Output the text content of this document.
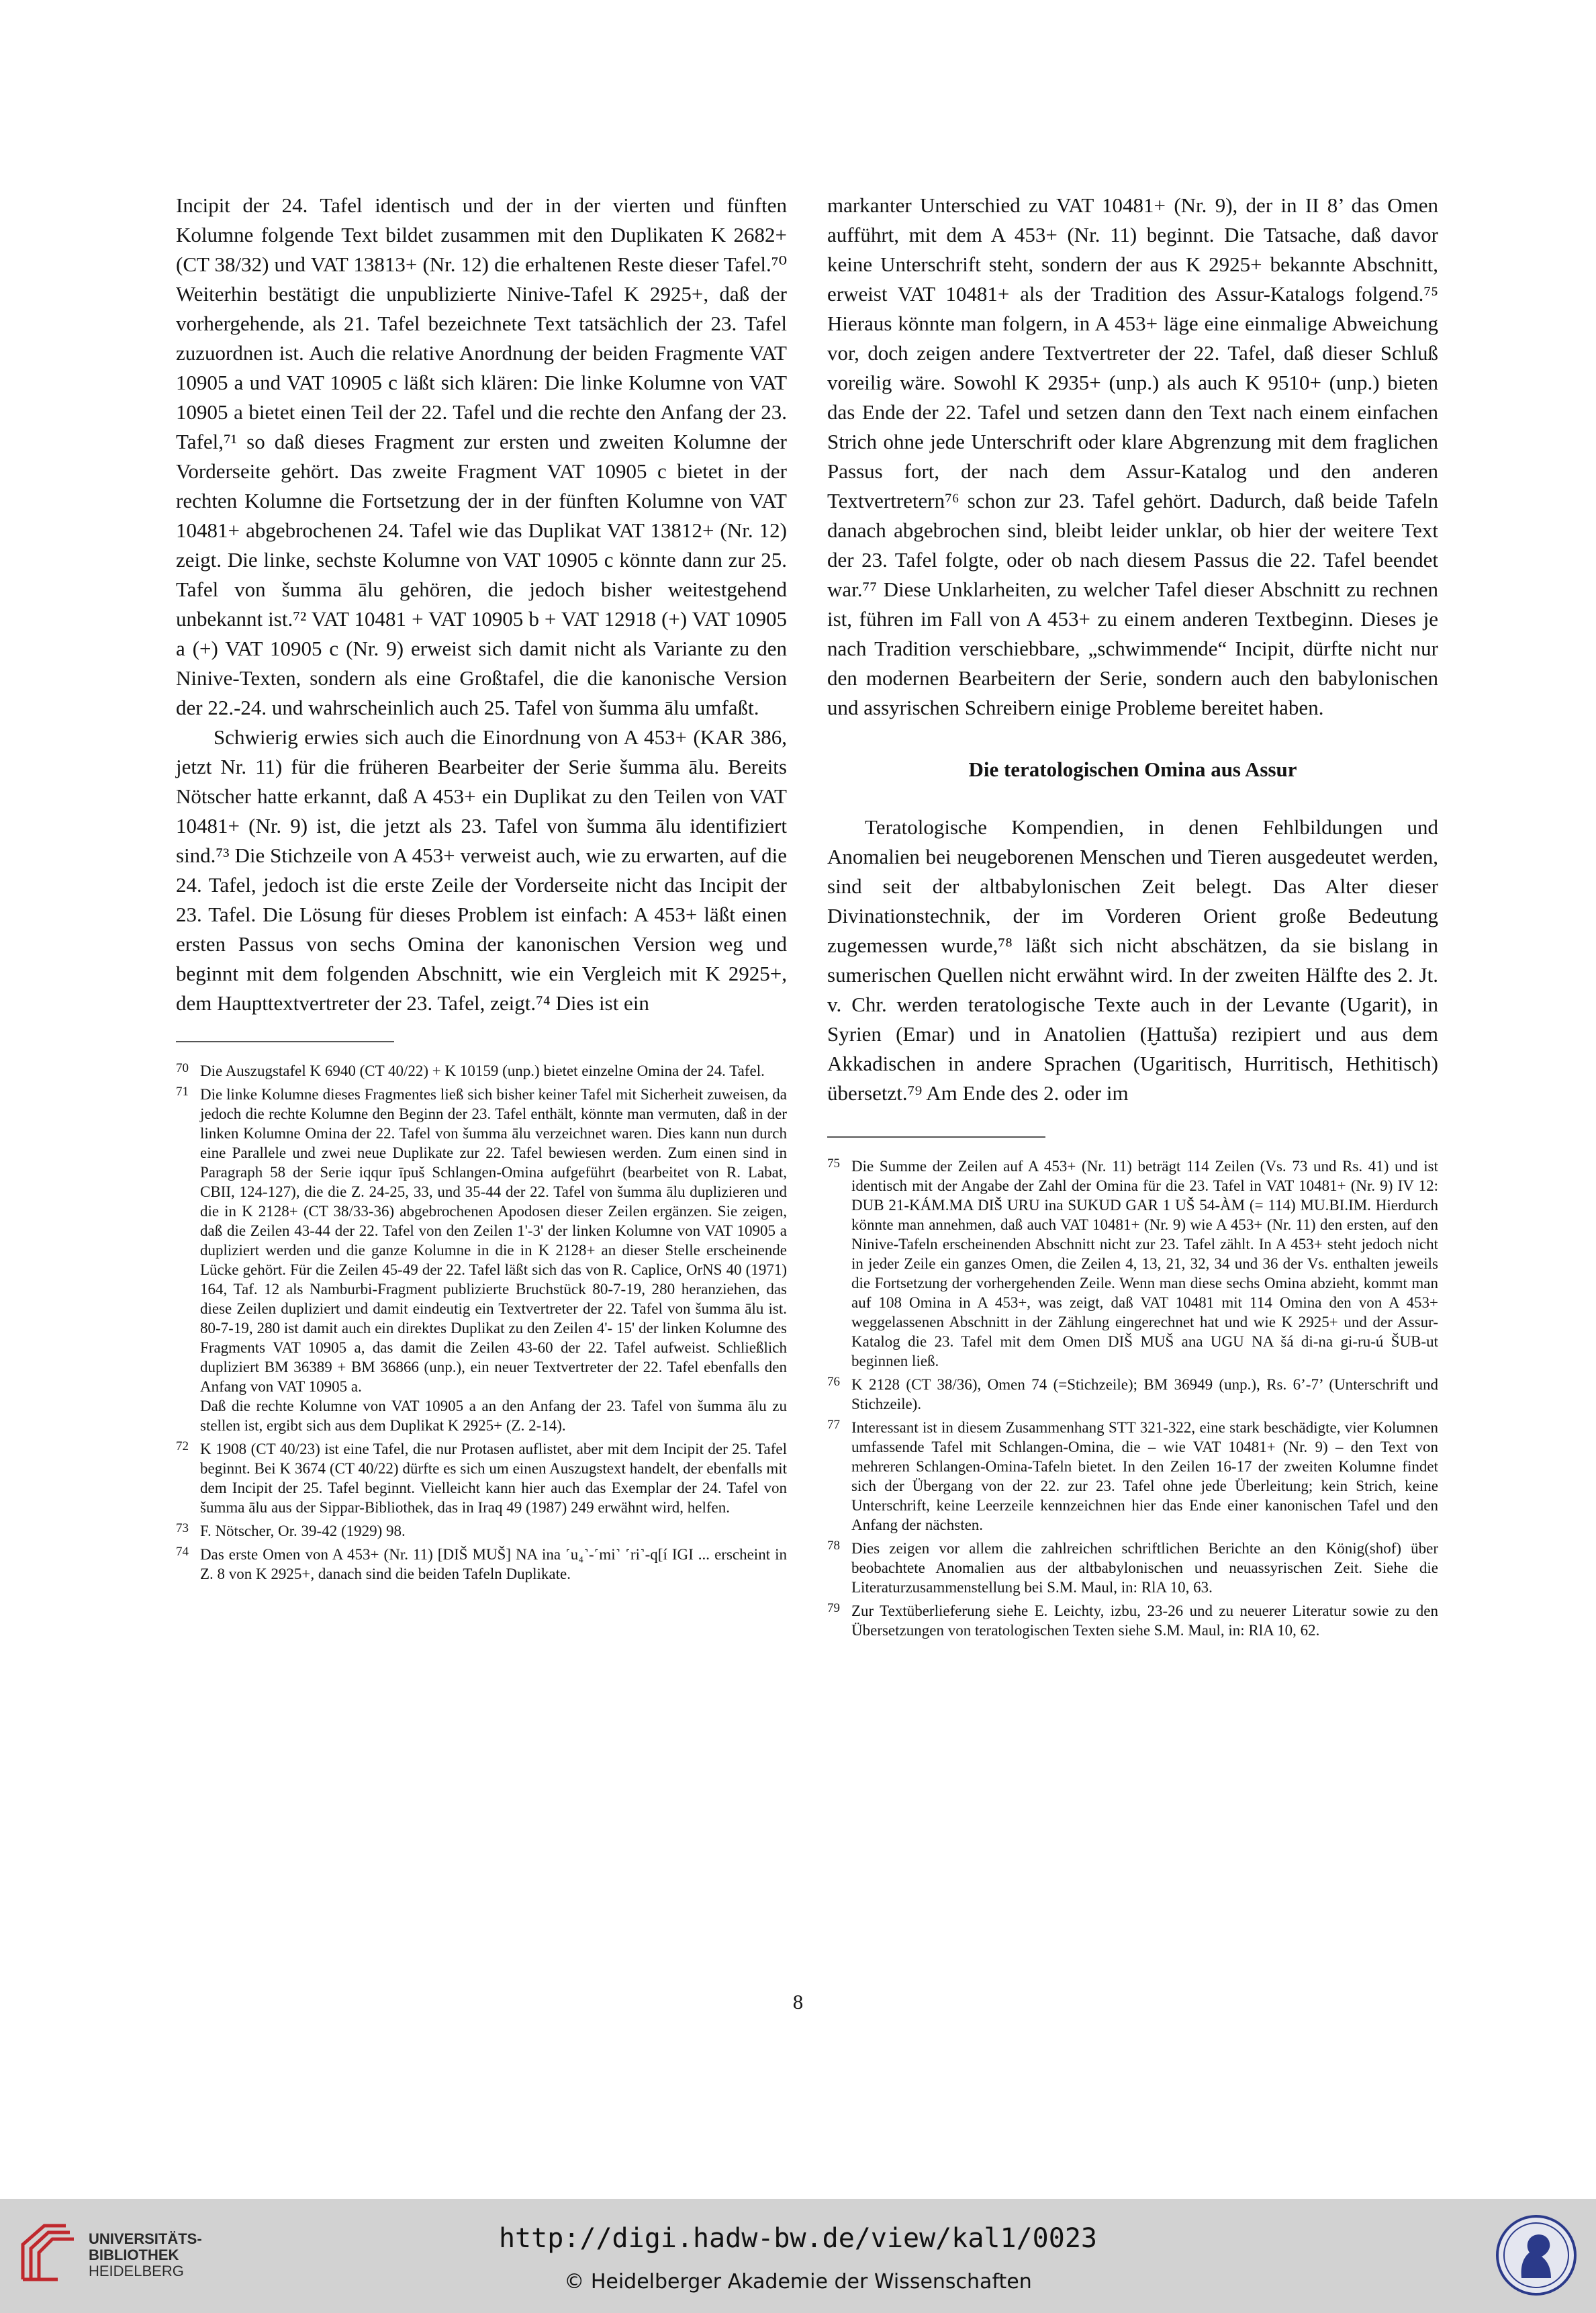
Incipit der 24. Tafel identisch und der in der vierten und fünften Kolumne folgende Text bildet zusammen mit den Duplikaten K 2682+ (CT 38/32) und VAT 13813+ (Nr. 12) die erhaltenen Reste dieser Tafel.⁷⁰ Weiterhin bestätigt die unpublizierte Ninive-Tafel K 2925+, daß der vorhergehende, als 21. Tafel bezeichnete Text tatsächlich der 23. Tafel zuzuordnen ist. Auch die relative Anordnung der beiden Fragmente VAT 10905 a und VAT 10905 c läßt sich klären: Die linke Kolumne von VAT 10905 a bietet einen Teil der 22. Tafel und die rechte den Anfang der 23. Tafel,⁷¹ so daß dieses Fragment zur ersten und zweiten Kolumne der Vorderseite gehört. Das zweite Fragment VAT 10905 c bietet in der rechten Kolumne die Fortsetzung der in der fünften Kolumne von VAT 10481+ abgebrochenen 24. Tafel wie das Duplikat VAT 13812+ (Nr. 12) zeigt. Die linke, sechste Kolumne von VAT 10905 c könnte dann zur 25. Tafel von šumma ālu gehören, die jedoch bisher weitestgehend unbekannt ist.⁷² VAT 10481 + VAT 10905 b + VAT 12918 (+) VAT 10905 a (+) VAT 10905 c (Nr. 9) erweist sich damit nicht als Variante zu den Ninive-Texten, sondern als eine Großtafel, die die kanonische Version der 22.-24. und wahrscheinlich auch 25. Tafel von šumma ālu umfaßt.

Schwierig erwies sich auch die Einordnung von A 453+ (KAR 386, jetzt Nr. 11) für die früheren Bearbeiter der Serie šumma ālu. Bereits Nötscher hatte erkannt, daß A 453+ ein Duplikat zu den Teilen von VAT 10481+ (Nr. 9) ist, die jetzt als 23. Tafel von šumma ālu identifiziert sind.⁷³ Die Stichzeile von A 453+ verweist auch, wie zu erwarten, auf die 24. Tafel, jedoch ist die erste Zeile der Vorderseite nicht das Incipit der 23. Tafel. Die Lösung für dieses Problem ist einfach: A 453+ läßt einen ersten Passus von sechs Omina der kanonischen Version weg und beginnt mit dem folgenden Abschnitt, wie ein Vergleich mit K 2925+, dem Haupttextvertreter der 23. Tafel, zeigt.⁷⁴ Dies ist ein

70 Die Auszugstafel K 6940 (CT 40/22) + K 10159 (unp.) bietet einzelne Omina der 24. Tafel.
71 Die linke Kolumne dieses Fragmentes ließ sich bisher keiner Tafel mit Sicherheit zuweisen, da jedoch die rechte Kolumne den Beginn der 23. Tafel enthält, könnte man vermuten, daß in der linken Kolumne Omina der 22. Tafel von šumma ālu verzeichnet waren. Dies kann nun durch eine Parallele und zwei neue Duplikate zur 22. Tafel bewiesen werden. Zum einen sind in Paragraph 58 der Serie iqqur īpuš Schlangen-Omina aufgeführt (bearbeitet von R. Labat, CBII, 124-127), die die Z. 24-25, 33, und 35-44 der 22. Tafel von šumma ālu duplizieren und die in K 2128+ (CT 38/33-36) abgebrochenen Apodosen dieser Zeilen ergänzen. Sie zeigen, daß die Zeilen 43-44 der 22. Tafel von den Zeilen 1'-3' der linken Kolumne von VAT 10905 a dupliziert werden und die ganze Kolumne in die in K 2128+ an dieser Stelle erscheinende Lücke gehört. Für die Zeilen 45-49 der 22. Tafel läßt sich das von R. Caplice, OrNS 40 (1971) 164, Taf. 12 als Namburbi-Fragment publizierte Bruchstück 80-7-19, 280 heranziehen, das diese Zeilen dupliziert und damit eindeutig ein Textvertreter der 22. Tafel von šumma ālu ist. 80-7-19, 280 ist damit auch ein direktes Duplikat zu den Zeilen 4'- 15' der linken Kolumne des Fragments VAT 10905 a, das damit die Zeilen 43-60 der 22. Tafel aufweist. Schließlich dupliziert BM 36389 + BM 36866 (unp.), ein neuer Textvertreter der 22. Tafel ebenfalls den Anfang von VAT 10905 a.

Daß die rechte Kolumne von VAT 10905 a an den Anfang der 23. Tafel von šumma ālu zu stellen ist, ergibt sich aus dem Duplikat K 2925+ (Z. 2-14).

72 K 1908 (CT 40/23) ist eine Tafel, die nur Protasen auflistet, aber mit dem Incipit der 25. Tafel beginnt. Bei K 3674 (CT 40/22) dürfte es sich um einen Auszugstext handelt, der ebenfalls mit dem Incipit der 25. Tafel beginnt. Vielleicht kann hier auch das Exemplar der 24. Tafel von šumma ālu aus der Sippar-Bibliothek, das in Iraq 49 (1987) 249 erwähnt wird, helfen.
73 F. Nötscher, Or. 39-42 (1929) 98.
74 Das erste Omen von A 453+ (Nr. 11) [DIŠ MUŠ] NA ina ˹u₄˺-˹mi˺ ˹ri˺-q[í IGI ... erscheint in Z. 8 von K 2925+, danach sind die beiden Tafeln Duplikate.

markanter Unterschied zu VAT 10481+ (Nr. 9), der in II 8’ das Omen aufführt, mit dem A 453+ (Nr. 11) beginnt. Die Tatsache, daß davor keine Unterschrift steht, sondern der aus K 2925+ bekannte Abschnitt, erweist VAT 10481+ als der Tradition des Assur-Katalogs folgend.⁷⁵ Hieraus könnte man folgern, in A 453+ läge eine einmalige Abweichung vor, doch zeigen andere Textvertreter der 22. Tafel, daß dieser Schluß voreilig wäre. Sowohl K 2935+ (unp.) als auch K 9510+ (unp.) bieten das Ende der 22. Tafel und setzen dann den Text nach einem einfachen Strich ohne jede Unterschrift oder klare Abgrenzung mit dem fraglichen Passus fort, der nach dem Assur-Katalog und den anderen Textvertretern⁷⁶ schon zur 23. Tafel gehört. Dadurch, daß beide Tafeln danach abgebrochen sind, bleibt leider unklar, ob hier der weitere Text der 23. Tafel folgte, oder ob nach diesem Passus die 22. Tafel beendet war.⁷⁷ Diese Unklarheiten, zu welcher Tafel dieser Abschnitt zu rechnen ist, führen im Fall von A 453+ zu einem anderen Textbeginn. Dieses je nach Tradition verschiebbare, „schwimmende“ Incipit, dürfte nicht nur den modernen Bearbeitern der Serie, sondern auch den babylonischen und assyrischen Schreibern einige Probleme bereitet haben.

Die teratologischen Omina aus Assur

Teratologische Kompendien, in denen Fehlbildungen und Anomalien bei neugeborenen Menschen und Tieren ausgedeutet werden, sind seit der altbabylonischen Zeit belegt. Das Alter dieser Divinationstechnik, der im Vorderen Orient große Bedeutung zugemessen wurde,⁷⁸ läßt sich nicht abschätzen, da sie bislang in sumerischen Quellen nicht erwähnt wird. In der zweiten Hälfte des 2. Jt. v. Chr. werden teratologische Texte auch in der Levante (Ugarit), in Syrien (Emar) und in Anatolien (Ḫattuša) rezipiert und aus dem Akkadischen in andere Sprachen (Ugaritisch, Hurritisch, Hethitisch) übersetzt.⁷⁹ Am Ende des 2. oder im

75 Die Summe der Zeilen auf A 453+ (Nr. 11) beträgt 114 Zeilen (Vs. 73 und Rs. 41) und ist identisch mit der Angabe der Zahl der Omina für die 23. Tafel in VAT 10481+ (Nr. 9) IV 12: DUB 21-KÁM.MA DIŠ URU ina SUKUD GAR 1 UŠ 54-ÀM (= 114) MU.BI.IM. Hierdurch könnte man annehmen, daß auch VAT 10481+ (Nr. 9) wie A 453+ (Nr. 11) den ersten, auf den Ninive-Tafeln erscheinenden Abschnitt nicht zur 23. Tafel zählt. In A 453+ steht jedoch nicht in jeder Zeile ein ganzes Omen, die Zeilen 4, 13, 21, 32, 34 und 36 der Vs. enthalten jeweils die Fortsetzung der vorhergehenden Zeile. Wenn man diese sechs Omina abzieht, kommt man auf 108 Omina in A 453+, was zeigt, daß VAT 10481 mit 114 Omina den von A 453+ weggelassenen Abschnitt in der Zählung eingerechnet hat und wie K 2925+ und der Assur-Katalog die 23. Tafel mit dem Omen DIŠ MUŠ ana UGU NA šá di-na gi-ru-ú ŠUB-ut beginnen ließ.
76 K 2128 (CT 38/36), Omen 74 (=Stichzeile); BM 36949 (unp.), Rs. 6’-7’ (Unterschrift und Stichzeile).
77 Interessant ist in diesem Zusammenhang STT 321-322, eine stark beschädigte, vier Kolumnen umfassende Tafel mit Schlangen-Omina, die – wie VAT 10481+ (Nr. 9) – den Text von mehreren Schlangen-Omina-Tafeln bietet. In den Zeilen 16-17 der zweiten Kolumne findet sich der Übergang von der 22. zur 23. Tafel ohne jede Überleitung; kein Strich, keine Unterschrift, keine Leerzeile kennzeichnen hier das Ende einer kanonischen Tafel und den Anfang der nächsten.
78 Dies zeigen vor allem die zahlreichen schriftlichen Berichte an den König(shof) über beobachtete Anomalien aus der altbabylonischen und neuassyrischen Zeit. Siehe die Literaturzusammenstellung bei S.M. Maul, in: RlA 10, 63.
79 Zur Textüberlieferung siehe E. Leichty, izbu, 23-26 und zu neuerer Literatur sowie zu den Übersetzungen von teratologischen Texten siehe S.M. Maul, in: RlA 10, 62.
8
UNIVERSITÄTS-
BIBLIOTHEK
HEIDELBERG
http://digi.hadw-bw.de/view/kal1/0023
© Heidelberger Akademie der Wissenschaften
